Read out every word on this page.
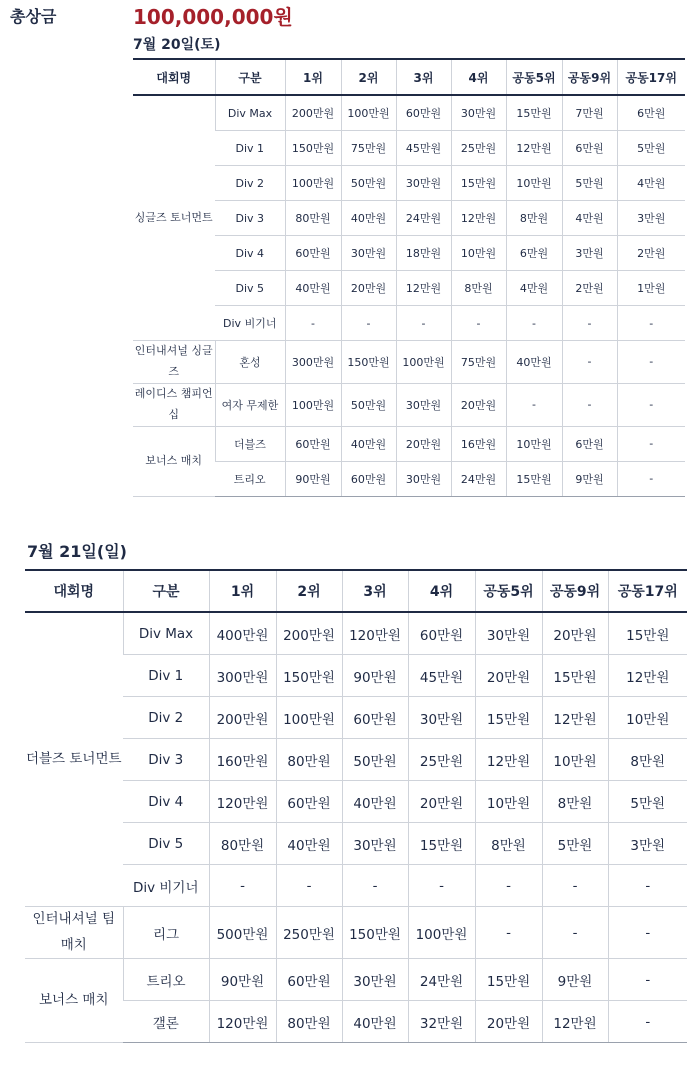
총상금	100,000,000원
7월 20일(토)
대회명	구분	1위	2위	3위	4위	공동5위	공동9위	공동17위
싱글즈 토너먼트	Div Max	200만원	100만원	60만원	30만원	15만원	7만원	6만원
	Div 1	150만원	75만원	45만원	25만원	12만원	6만원	5만원
	Div 2	100만원	50만원	30만원	15만원	10만원	5만원	4만원
	Div 3	80만원	40만원	24만원	12만원	8만원	4만원	3만원
	Div 4	60만원	30만원	18만원	10만원	6만원	3만원	2만원
	Div 5	40만원	20만원	12만원	8만원	4만원	2만원	1만원
	Div 비기너	-	-	-	-	-	-	-
인터내셔널 싱글즈	혼성	300만원	150만원	100만원	75만원	40만원	-	-
레이디스 챔피언십	여자 무제한	100만원	50만원	30만원	20만원	-	-	-
보너스 매치	더블즈	60만원	40만원	20만원	16만원	10만원	6만원	-
	트리오	90만원	60만원	30만원	24만원	15만원	9만원	-
7월 21일(일)
대회명	구분	1위	2위	3위	4위	공동5위	공동9위	공동17위
더블즈 토너먼트	Div Max	400만원	200만원	120만원	60만원	30만원	20만원	15만원
	Div 1	300만원	150만원	90만원	45만원	20만원	15만원	12만원
	Div 2	200만원	100만원	60만원	30만원	15만원	12만원	10만원
	Div 3	160만원	80만원	50만원	25만원	12만원	10만원	8만원
	Div 4	120만원	60만원	40만원	20만원	10만원	8만원	5만원
	Div 5	80만원	40만원	30만원	15만원	8만원	5만원	3만원
	Div 비기너	-	-	-	-	-	-	-
인터내셔널 팀 매치	리그	500만원	250만원	150만원	100만원	-	-	-
보너스 매치	트리오	90만원	60만원	30만원	24만원	15만원	9만원	-
	갤론	120만원	80만원	40만원	32만원	20만원	12만원	-
